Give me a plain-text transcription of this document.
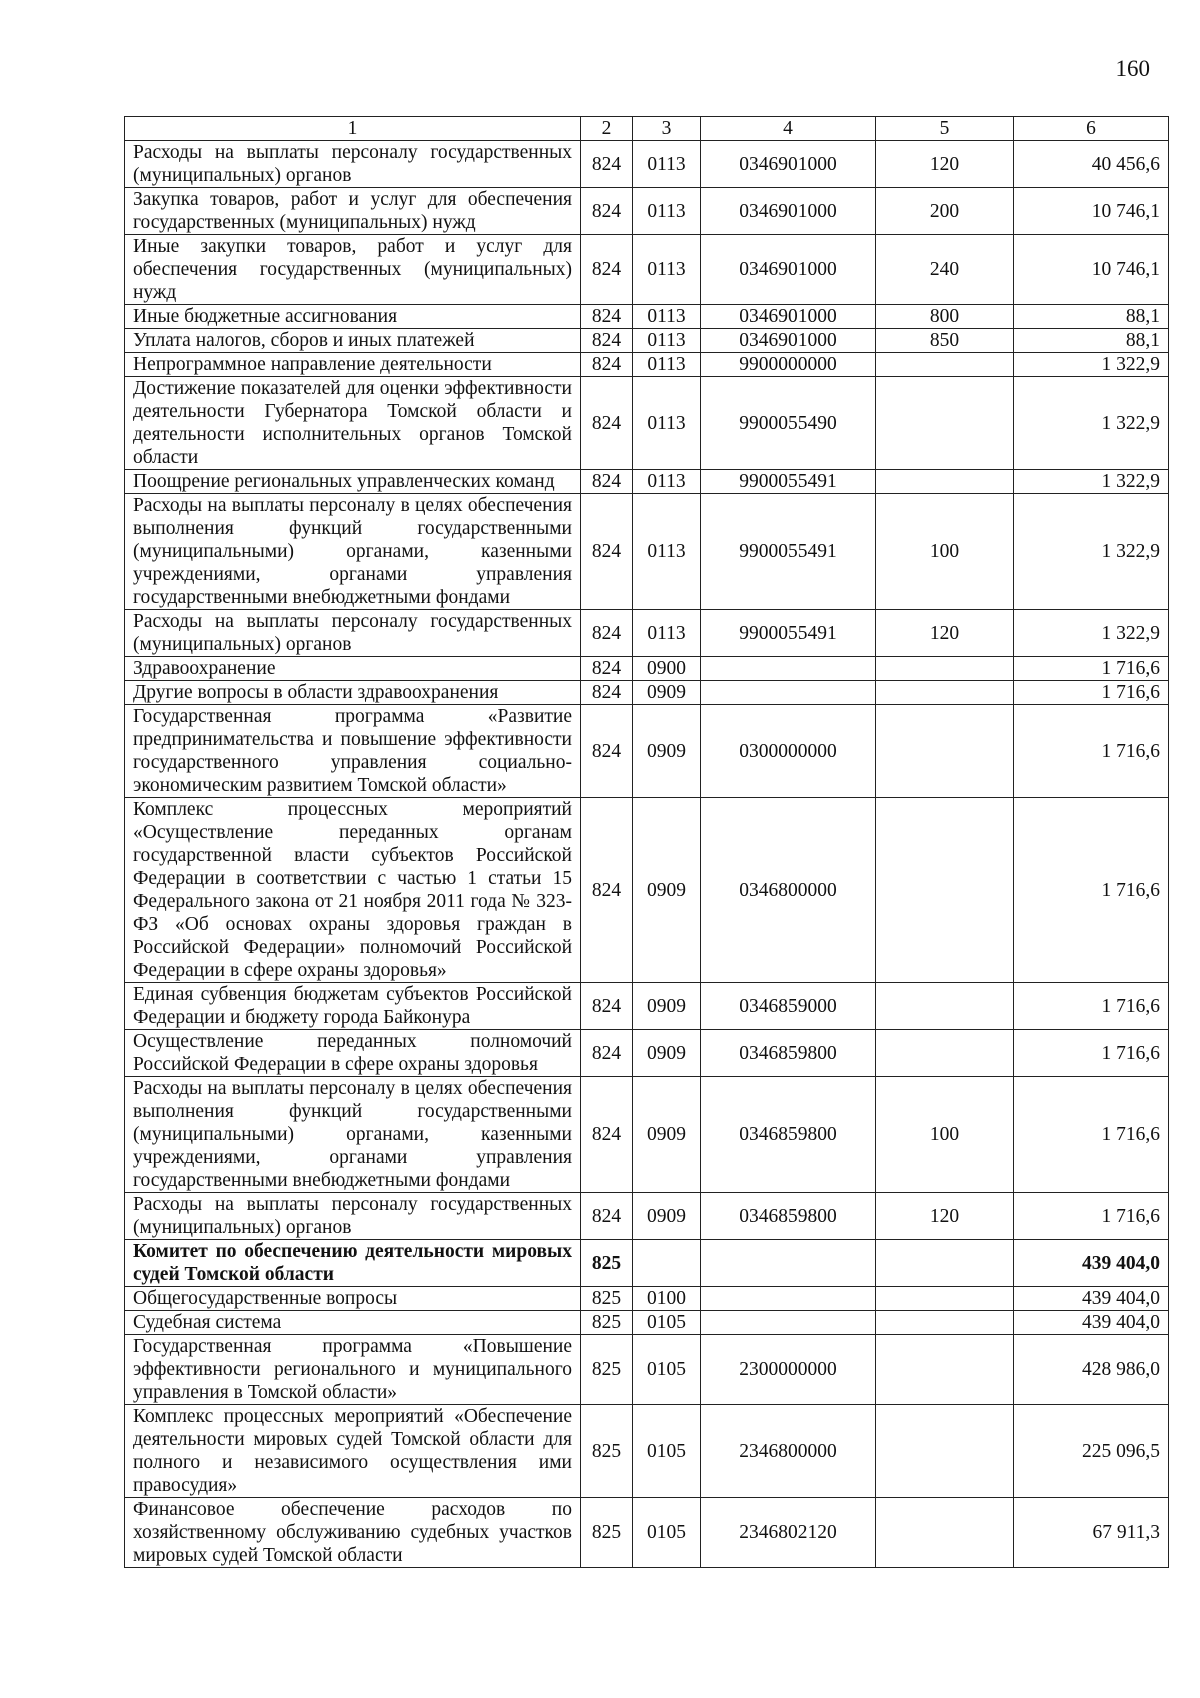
160
1	2	3	4	5	6
Расходы на выплаты персоналу государственных (муниципальных) органов	824	0113	0346901000	120	40 456,6
Закупка товаров, работ и услуг для обеспечения государственных (муниципальных) нужд	824	0113	0346901000	200	10 746,1
Иные закупки товаров, работ и услуг для обеспечения государственных (муниципальных) нужд	824	0113	0346901000	240	10 746,1
Иные бюджетные ассигнования	824	0113	0346901000	800	88,1
Уплата налогов, сборов и иных платежей	824	0113	0346901000	850	88,1
Непрограммное направление деятельности	824	0113	9900000000		1 322,9
Достижение показателей для оценки эффективности деятельности Губернатора Томской области и деятельности исполнительных органов Томской области	824	0113	9900055490		1 322,9
Поощрение региональных управленческих команд	824	0113	9900055491		1 322,9
Расходы на выплаты персоналу в целях обеспечения выполнения функций государственными (муниципальными) органами, казенными учреждениями, органами управления государственными внебюджетными фондами	824	0113	9900055491	100	1 322,9
Расходы на выплаты персоналу государственных (муниципальных) органов	824	0113	9900055491	120	1 322,9
Здравоохранение	824	0900			1 716,6
Другие вопросы в области здравоохранения	824	0909			1 716,6
Государственная программа «Развитие предпринимательства и повышение эффективности государственного управления социально-экономическим развитием Томской области»	824	0909	0300000000		1 716,6
Комплекс процессных мероприятий «Осуществление переданных органам государственной власти субъектов Российской Федерации в соответствии с частью 1 статьи 15 Федерального закона от 21 ноября 2011 года № 323-ФЗ «Об основах охраны здоровья граждан в Российской Федерации» полномочий Российской Федерации в сфере охраны здоровья»	824	0909	0346800000		1 716,6
Единая субвенция бюджетам субъектов Российской Федерации и бюджету города Байконура	824	0909	0346859000		1 716,6
Осуществление переданных полномочий Российской Федерации в сфере охраны здоровья	824	0909	0346859800		1 716,6
Расходы на выплаты персоналу в целях обеспечения выполнения функций государственными (муниципальными) органами, казенными учреждениями, органами управления государственными внебюджетными фондами	824	0909	0346859800	100	1 716,6
Расходы на выплаты персоналу государственных (муниципальных) органов	824	0909	0346859800	120	1 716,6
Комитет по обеспечению деятельности мировых судей Томской области	825				439 404,0
Общегосударственные вопросы	825	0100			439 404,0
Судебная система	825	0105			439 404,0
Государственная программа «Повышение эффективности регионального и муниципального управления в Томской области»	825	0105	2300000000		428 986,0
Комплекс процессных мероприятий «Обеспечение деятельности мировых судей Томской области для полного и независимого осуществления ими правосудия»	825	0105	2346800000		225 096,5
Финансовое обеспечение расходов по хозяйственному обслуживанию судебных участков мировых судей Томской области	825	0105	2346802120		67 911,3
